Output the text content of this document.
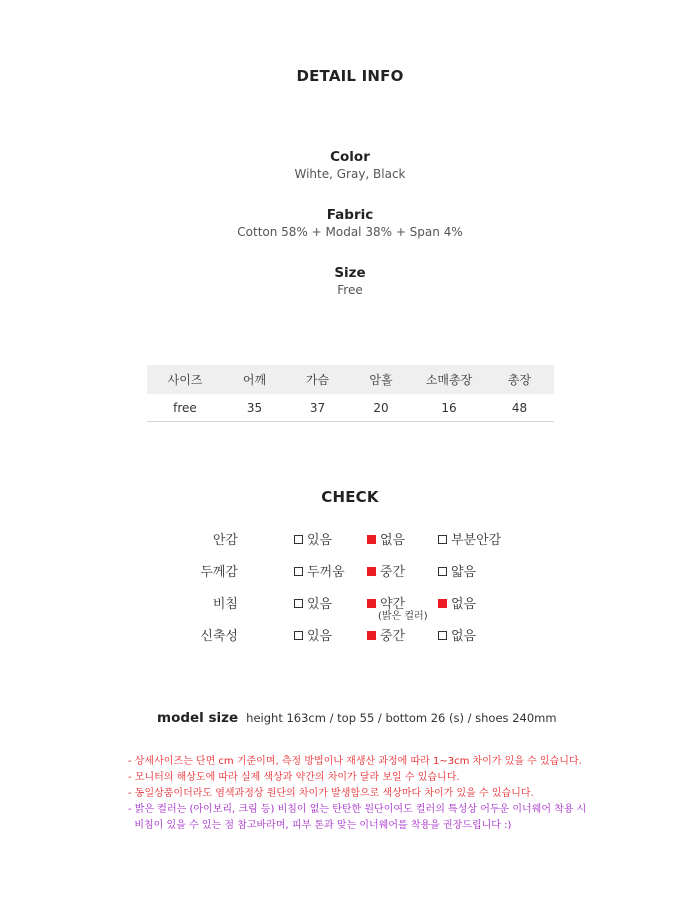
DETAIL INFO
Color
Wihte, Gray, Black
Fabric
Cotton 58% + Modal 38% + Span 4%
Size
Free
사이즈	어깨	가슴	암홀	소매총장	총장
free	35	37	20	16	48
CHECK
안감	있음	없음	부분안감
두께감	두꺼움	중간	얇음
비침	있음	약간	없음
(밝은 컬러)
신축성	있음	중간	없음
model size height 163cm / top 55 / bottom 26 (s) / shoes 240mm
- 상세사이즈는 단면 cm 기준이며, 측정 방법이나 재생산 과정에 따라 1~3cm 차이가 있을 수 있습니다.
- 모니터의 해상도에 따라 실제 색상과 약간의 차이가 달라 보일 수 있습니다.
- 동일상품이더라도 염색과정상 원단의 차이가 발생함으로 색상마다 차이가 있을 수 있습니다.
- 밝은 컬러는 (아이보리, 크림 등) 비침이 없는 탄탄한 원단이여도 컬러의 특성상 어두운 이너웨어 착용 시
비침이 있을 수 있는 점 참고바라며, 피부 톤과 맞는 이너웨어를 착용을 권장드립니다 :)
